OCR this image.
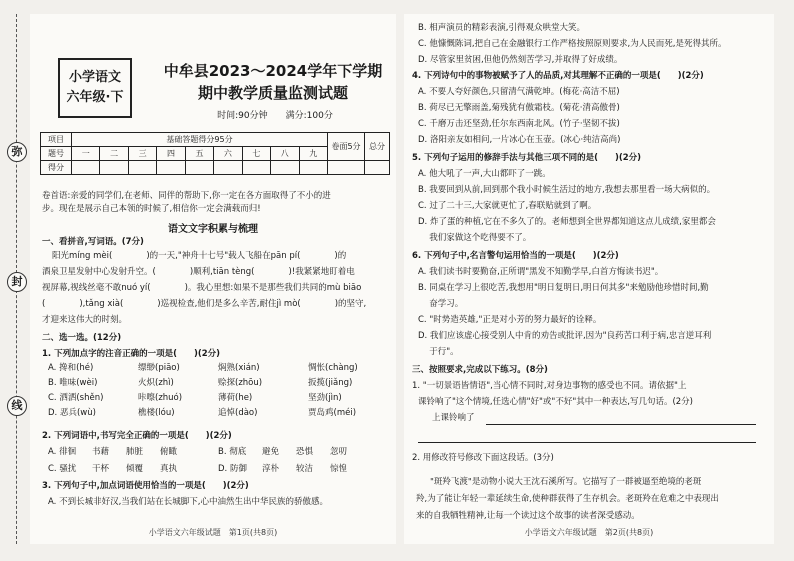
弥
封
线
小学语文
六年级·下
中牟县2023～2024学年下学期
期中教学质量监测试题
时间:90分钟　　满分:100分
项目	基础答题得分95分									卷面5分	总分
题号	一	二	三	四	五	六	七	八	九		
得分											
卷首语:亲爱的同学们,在老师、同伴的帮助下,你一定在各方面取得了不小的进
步。现在是展示自己本领的时候了,相信你一定会满载而归!
语文文字积累与梳理
一、看拼音,写词语。(7分)
阳光míng mèi(　　　　)的一天,"神舟十七号"载人飞船在pān pí(　　　　)的
酒泉卫星发射中心发射升空。(　　　　)顺利,tiān tèng(　　　　)!我紧紧地盯着电
视屏幕,视线丝毫不敢nuó yí(　　　　)。我心里想:如果不是那些我们共同的mù biāo
(　　　　),tǎng xià(　　　　)巡视检查,他们是多么辛苦,耐住jì mò(　　　　)的坚守,
才迎来这伟大的时刻。
二、选一选。(12分)
1. 下列加点字的注音正确的一项是(　　)(2分)
A. 搀和(hé)	缥缈(piāo)	焖熟(xián)	惆怅(chàng)
B. 唯味(wèi)	火炽(zhì)	赊探(zhōu)	扳揽(jiǎng)
C. 洒洒(shěn)	咔嚓(zhuó)	薄荷(he)	坚劲(jìn)
D. 恶兵(wù)	樵楼(lóu)	追悼(dào)	贾岛鸡(méi)
2. 下列词语中,书写完全正确的一项是(　　)(2分)
A. 徘徊	书藉	肺脏	俯瞰	B. 彻底	避免	恐惧	忽叨
C. 骚扰	干杯	倾覆	真执	D. 防御	淳朴	较洁	惊惶
3. 下列句子中,加点词语使用恰当的一项是(　　)(2分)
A. 不到长城非好汉,当我们站在长城脚下,心中油然生出中华民族的骄傲感。
小学语文六年级试题　第1页(共8页)
B. 相声演员的精彩表演,引得观众哄堂大笑。
C. 他慷慨陈词,把自己在金融银行工作严格按照原则要求,为人民而死,是死得其所。
D. 尽管家里贫困,但他仍然刻苦学习,并取得了好成绩。
4. 下列诗句中的事物被赋予了人的品质,对其理解不正确的一项是(　　)(2分)
A. 不要人夸好颜色,只留清气满乾坤。(梅花·高洁不屈)
B. 荷尽已无擎雨盖,菊残犹有傲霜枝。(菊花·清高傲骨)
C. 千磨万击还坚劲,任尔东西南北风。(竹子·坚韧不拔)
D. 洛阳亲友如相问,一片冰心在玉壶。(冰心·纯洁高尚)
5. 下列句子运用的修辞手法与其他三项不同的是(　　)(2分)
A. 他大吼了一声,大山都吓了一跳。
B. 我要回到从前,回到那个我小时候生活过的地方,我想去那里看一场大病似的。
C. 过了二十三,大家就更忙了,春联贴就到了啊。
D. 炸了蛋的种植,它在不多久了的。老师想到全世界都知道这点儿成绩,家里都会
　 我们家做这个吃得要不了。
6. 下列句子中,名言警句运用恰当的一项是(　　)(2分)
A. 我们读书时要勤奋,正所谓"黑发不知勤学早,白首方悔读书迟"。
B. 同桌在学习上很吃苦,我想用"明日复明日,明日何其多"来勉励他珍惜时间,勤
　 奋学习。
C. "时势造英雄,"正是对小芳的努力最好的诠释。
D. 我们应该虚心接受别人中肯的劝告或批评,因为"良药苦口利于病,忠言逆耳利
　 于行"。
三、按照要求,完成以下练习。(8分)
1. "一切景语皆情语",当心情不同时,对身边事物的感受也不同。请依据"上
课铃响了"这个情境,任选心情"好"或"不好"其中一种表达,写几句话。(2分)
上课铃响了
2. 用修改符号修改下面这段话。(3分)
"斑羚飞渡"是动物小说大王沈石溪所写。它描写了一群被逼至绝境的老斑
羚,为了能让年轻一辈延续生命,使种群获得了生存机会。老斑羚在危难之中表现出
来的自我牺牲精神,让每一个读过这个故事的读者深受感动。
小学语文六年级试题　第2页(共8页)
